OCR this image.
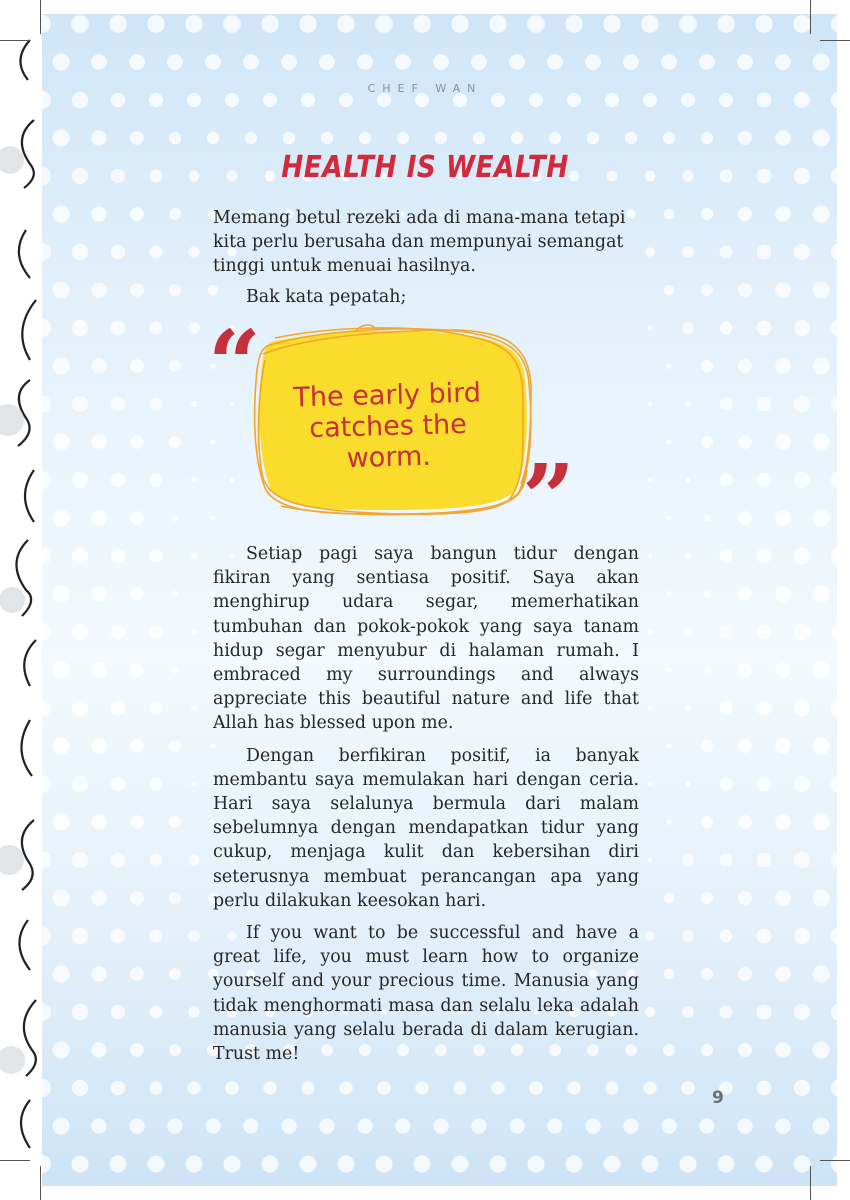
CHEF WAN
HEALTH IS WEALTH

Memang betul rezeki ada di mana-mana tetapi kita perlu berusaha dan mempunyai semangat tinggi untuk menuai hasilnya.

Bak kata pepatah;

“
”
The early bird catches the worm.

Setiap pagi saya bangun tidur dengan fikiran yang sentiasa positif. Saya akan menghirup udara segar, memerhatikan tumbuhan dan pokok-pokok yang saya tanam hidup segar menyubur di halaman rumah. I embraced my surroundings and always appreciate this beautiful nature and life that Allah has blessed upon me.

Dengan berfikiran positif, ia banyak membantu saya memulakan hari dengan ceria. Hari saya selalunya bermula dari malam sebelumnya dengan mendapatkan tidur yang cukup, menjaga kulit dan kebersihan diri seterusnya membuat perancangan apa yang perlu dilakukan keesokan hari.

If you want to be successful and have a great life, you must learn how to organize yourself and your precious time. Manusia yang tidak menghormati masa dan selalu leka adalah manusia yang selalu berada di dalam kerugian. Trust me!

9
